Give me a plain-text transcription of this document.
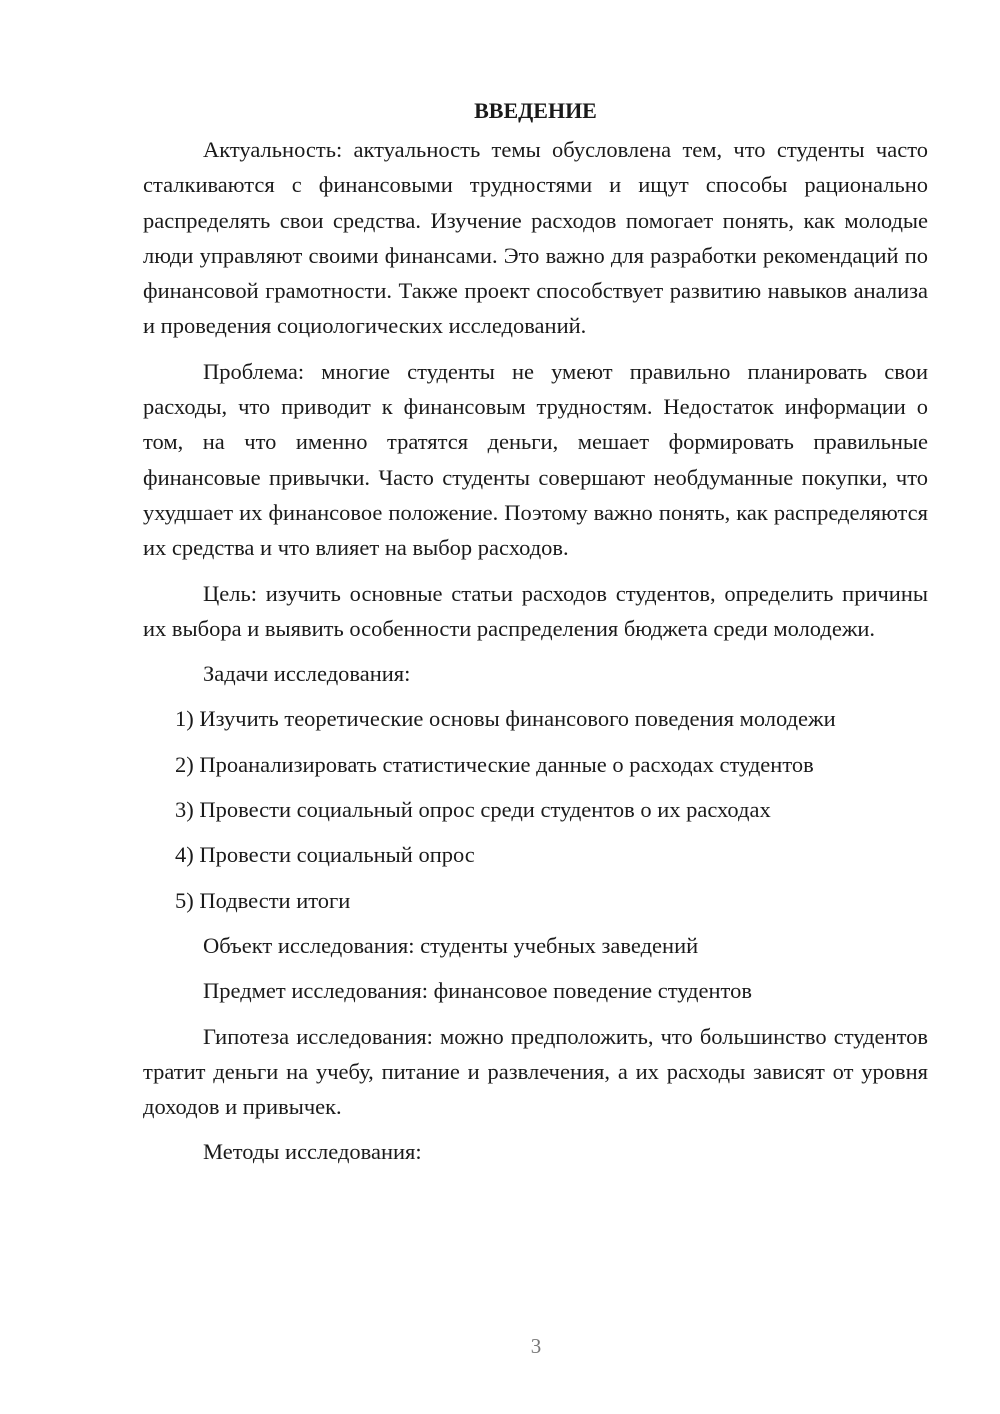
ВВЕДЕНИЕ

Актуальность: актуальность темы обусловлена тем, что студенты часто сталкиваются с финансовыми трудностями и ищут способы рационально распределять свои средства. Изучение расходов помогает понять, как молодые люди управляют своими финансами. Это важно для разработки рекомендаций по финансовой грамотности. Также проект способствует развитию навыков анализа и проведения социологических исследований.

Проблема: многие студенты не умеют правильно планировать свои расходы, что приводит к финансовым трудностям. Недостаток информации о том, на что именно тратятся деньги, мешает формировать правильные финансовые привычки. Часто студенты совершают необдуманные покупки, что ухудшает их финансовое положение. Поэтому важно понять, как распределяются их средства и что влияет на выбор расходов.

Цель: изучить основные статьи расходов студентов, определить причины их выбора и выявить особенности распределения бюджета среди молодежи.

Задачи исследования:
1) Изучить теоретические основы финансового поведения молодежи
2) Проанализировать статистические данные о расходах студентов
3) Провести социальный опрос среди студентов о их расходах
4) Провести социальный опрос
5) Подвести итоги
Объект исследования: студенты учебных заведений
Предмет исследования: финансовое поведение студентов

Гипотеза исследования: можно предположить, что большинство студентов тратит деньги на учебу, питание и развлечения, а их расходы зависят от уровня доходов и привычек.

Методы исследования:
3
